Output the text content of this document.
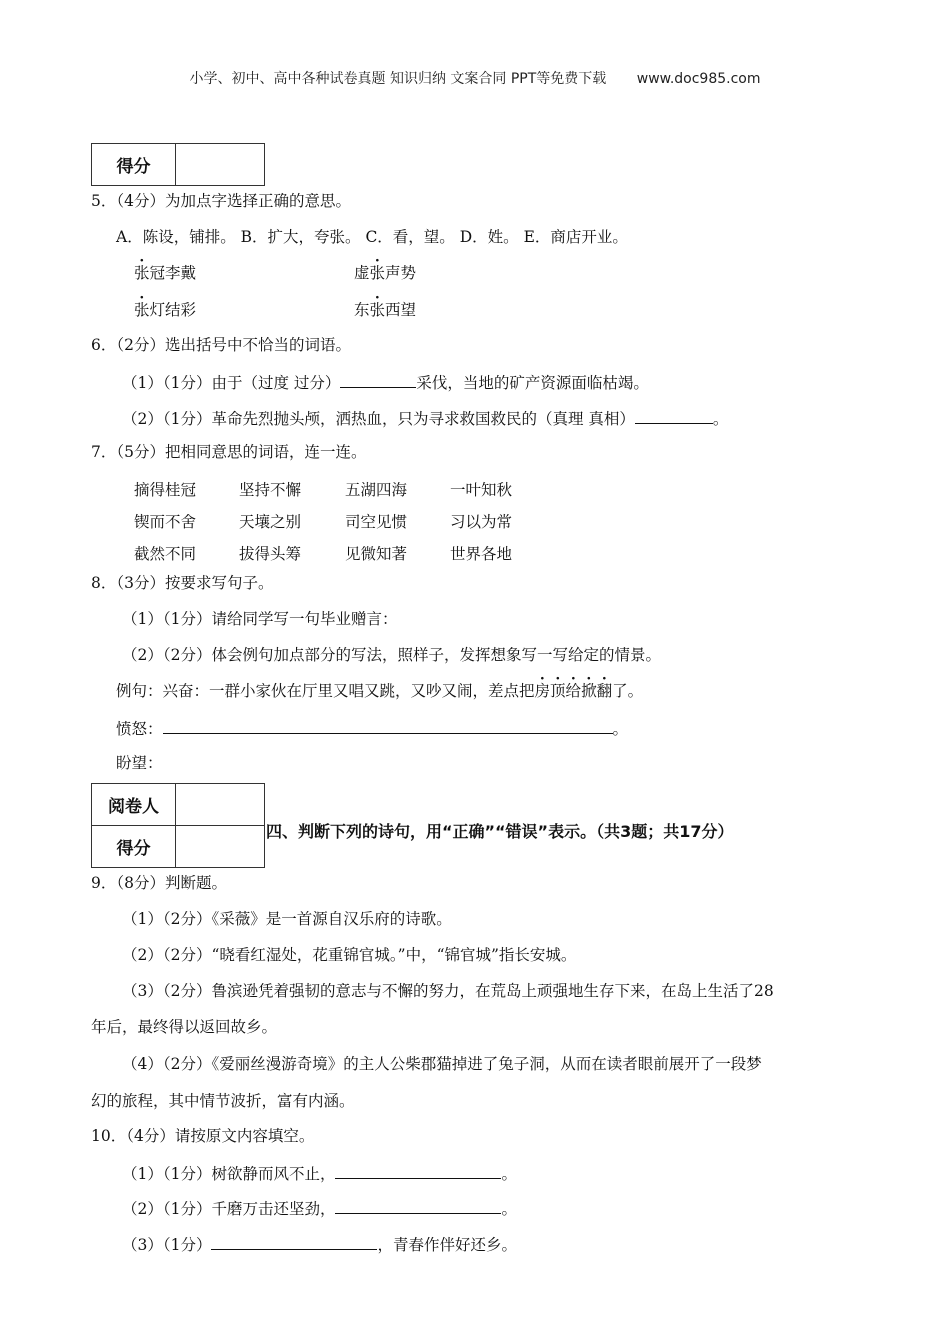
小学、初中、高中各种试卷真题 知识归纳 文案合同 PPT等免费下载 www.doc985.com
得分	
5．（4分）为加点字选择正确的意思。
A．陈设，铺排。 B．扩大，夸张。 C．看，望。 D．姓。 E．商店开业。
张冠李戴	虚张声势
张灯结彩	东张西望
6．（2分）选出括号中不恰当的词语。
（1）（1分）由于（过度 过分）	采伐，当地的矿产资源面临枯竭。
（2）（1分）革命先烈抛头颅，洒热血，只为寻求救国救民的（真理 真相）	。
7．（5分）把相同意思的词语，连一连。
摘得桂冠	坚持不懈	五湖四海	一叶知秋
锲而不舍	天壤之别	司空见惯	习以为常
截然不同	拔得头筹	见微知著	世界各地
8．（3分）按要求写句子。
（1）（1分）请给同学写一句毕业赠言：
（2）（2分）体会例句加点部分的写法，照样子，发挥想象写一写给定的情景。
例句：兴奋：一群小家伙在厅里又唱又跳，又吵又闹，差点把房顶给掀翻了。
愤怒：	。
盼望：
阅卷人	
得分	
四、判断下列的诗句，用“正确”“错误”表示。（共3题；共17分）
9．（8分）判断题。
（1）（2分）《采薇》是一首源自汉乐府的诗歌。
（2）（2分）“晓看红湿处，花重锦官城。”中，“锦官城”指长安城。
（3）（2分）鲁滨逊凭着强韧的意志与不懈的努力，在荒岛上顽强地生存下来，在岛上生活了28
年后，最终得以返回故乡。
（4）（2分）《爱丽丝漫游奇境》的主人公柴郡猫掉进了兔子洞，从而在读者眼前展开了一段梦
幻的旅程，其中情节波折，富有内涵。
10．（4分）请按原文内容填空。
（1）（1分）树欲静而风不止，	。
（2）（1分）千磨万击还坚劲，	。
（3）（1分）	，青春作伴好还乡。
